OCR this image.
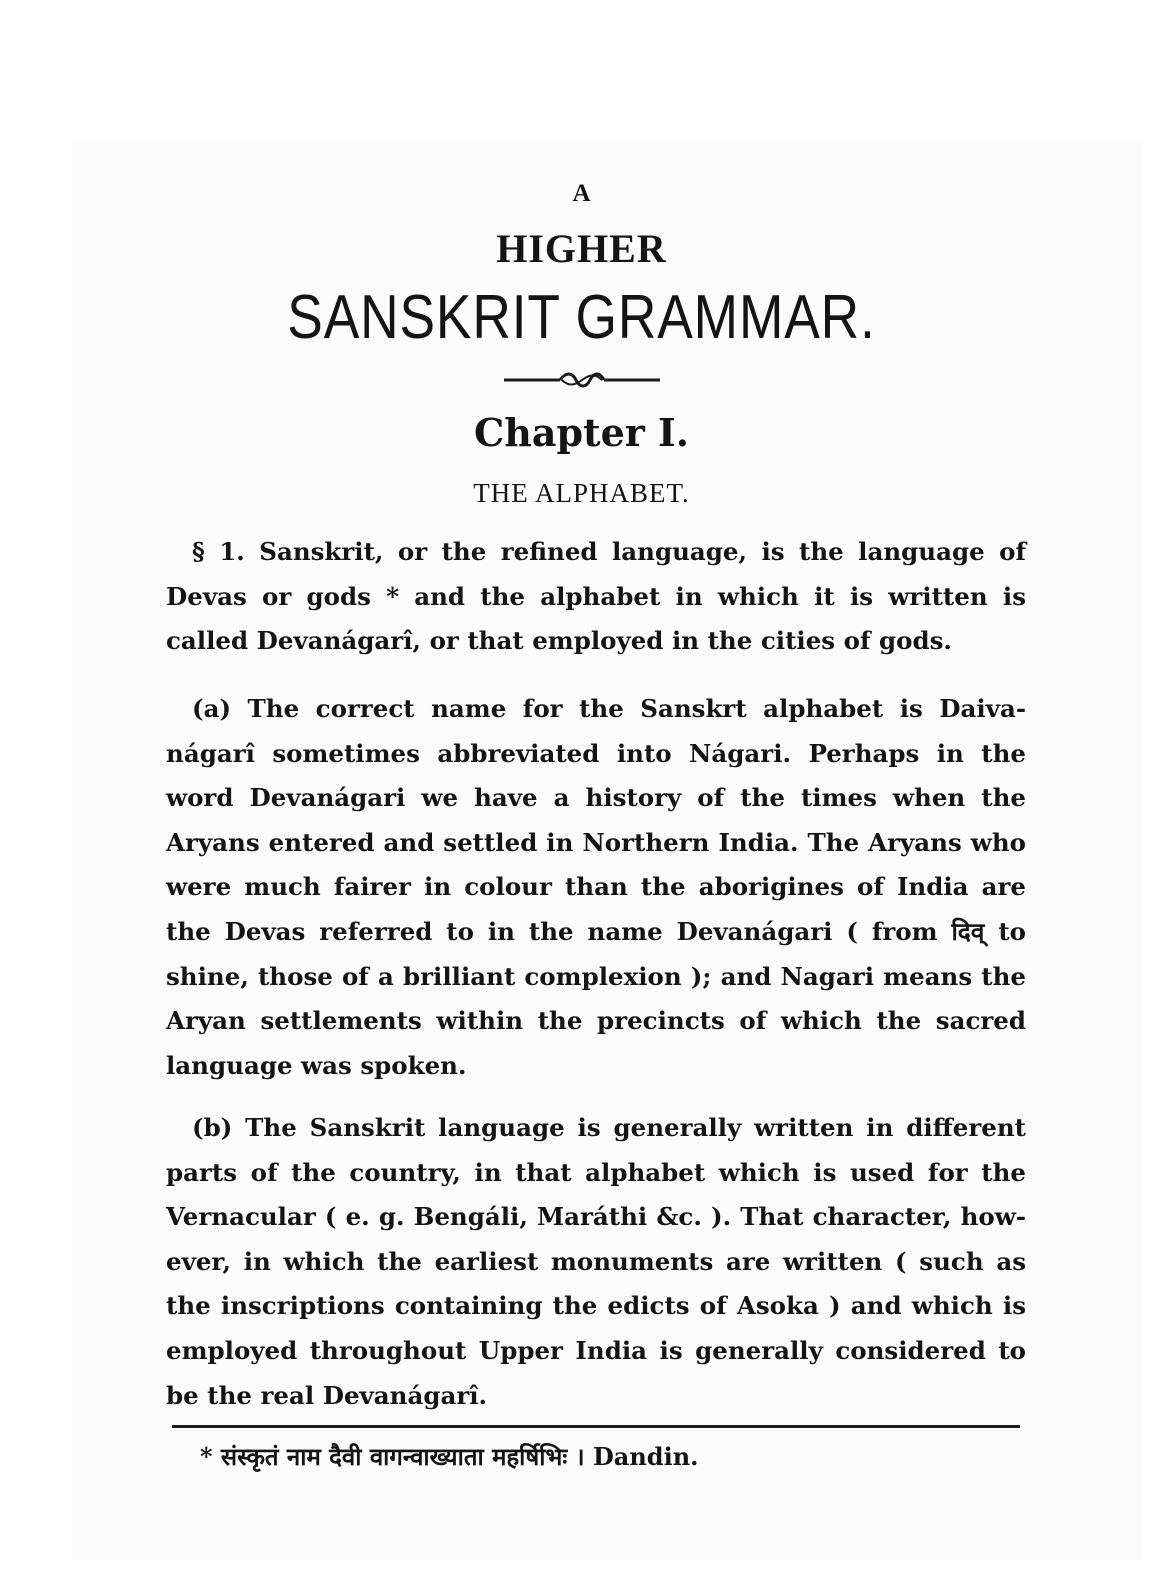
A
HIGHER
SANSKRIT GRAMMAR.
Chapter I.
THE ALPHABET.
§ 1. Sanskrit, or the refined language, is the language of Devas or gods * and the alphabet in which it is written is called Devanágarî, or that employed in the cities of gods.
(a) The correct name for the Sanskrt alphabet is Daiva-nágarî sometimes abbreviated into Nágari. Perhaps in the word Devanágari we have a history of the times when the Aryans entered and settled in Northern India. The Aryans who were much fairer in colour than the aborigines of India are the Devas referred to in the name Devanágari ( from दिव् to shine, those of a brilliant complexion ); and Nagari means the Aryan settlements within the precincts of which the sacred language was spoken.
(b) The Sanskrit language is generally written in different parts of the country, in that alphabet which is used for the Vernacular ( e. g. Bengáli, Maráthi &c. ). That character, how-ever, in which the earliest monuments are written ( such as the inscriptions containing the edicts of Asoka ) and which is employed throughout Upper India is generally considered to be the real Devanágarî.
* संस्कृतं नाम दैवी वागन्वाख्याता महर्षिभिः । Dandin.
